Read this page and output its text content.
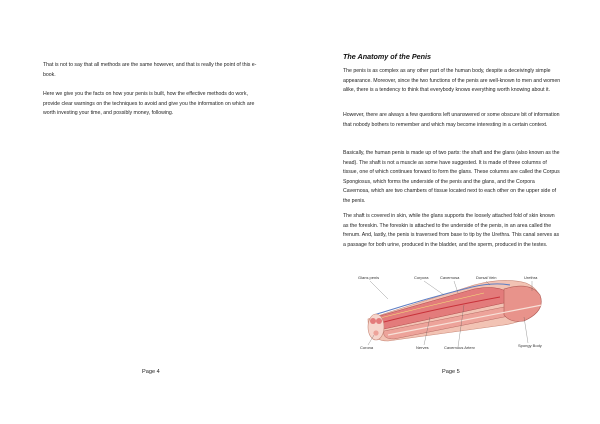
That is not to say that all methods are the same however, and that is really the point of this e-book.

Here we give you the facts on how your penis is built, how the effective methods do work, provide clear warnings on the techniques to avoid and give you the information on which are worth investing your time, and possibly money, following.

Page 4
The Anatomy of the Penis

The penis is as complex as any other part of the human body, despite a deceivingly simple appearance. Moreover, since the two functions of the penis are well-known to men and women alike, there is a tendency to think that everybody knows everything worth knowing about it.

However, there are always a few questions left unanswered or some obscure bit of information that nobody bothers to remember and which may become interesting in a certain context.

Basically, the human penis is made up of two parts: the shaft and the glans (also known as the head). The shaft is not a muscle as some have suggested. It is made of three columns of tissue, one of which continues forward to form the glans. These columns are called the Corpus Spongiosus, which forms the underside of the penis and the glans, and the Corpora Cavernosa, which are two chambers of tissue located next to each other on the upper side of the penis.

The shaft is covered in skin, while the glans supports the loosely attached fold of skin known as the foreskin. The foreskin is attached to the underside of the penis, in an area called the frenum. And, lastly, the penis is traversed from base to tip by the Urethra. This canal serves as a passage for both urine, produced in the bladder, and the sperm, produced in the testes.

Glans penis	Corpora	Cavernosa	Dorsal Vein	Urethra
Corona	Nerves	Cavernous Artery	Spongy Body
Page 5
